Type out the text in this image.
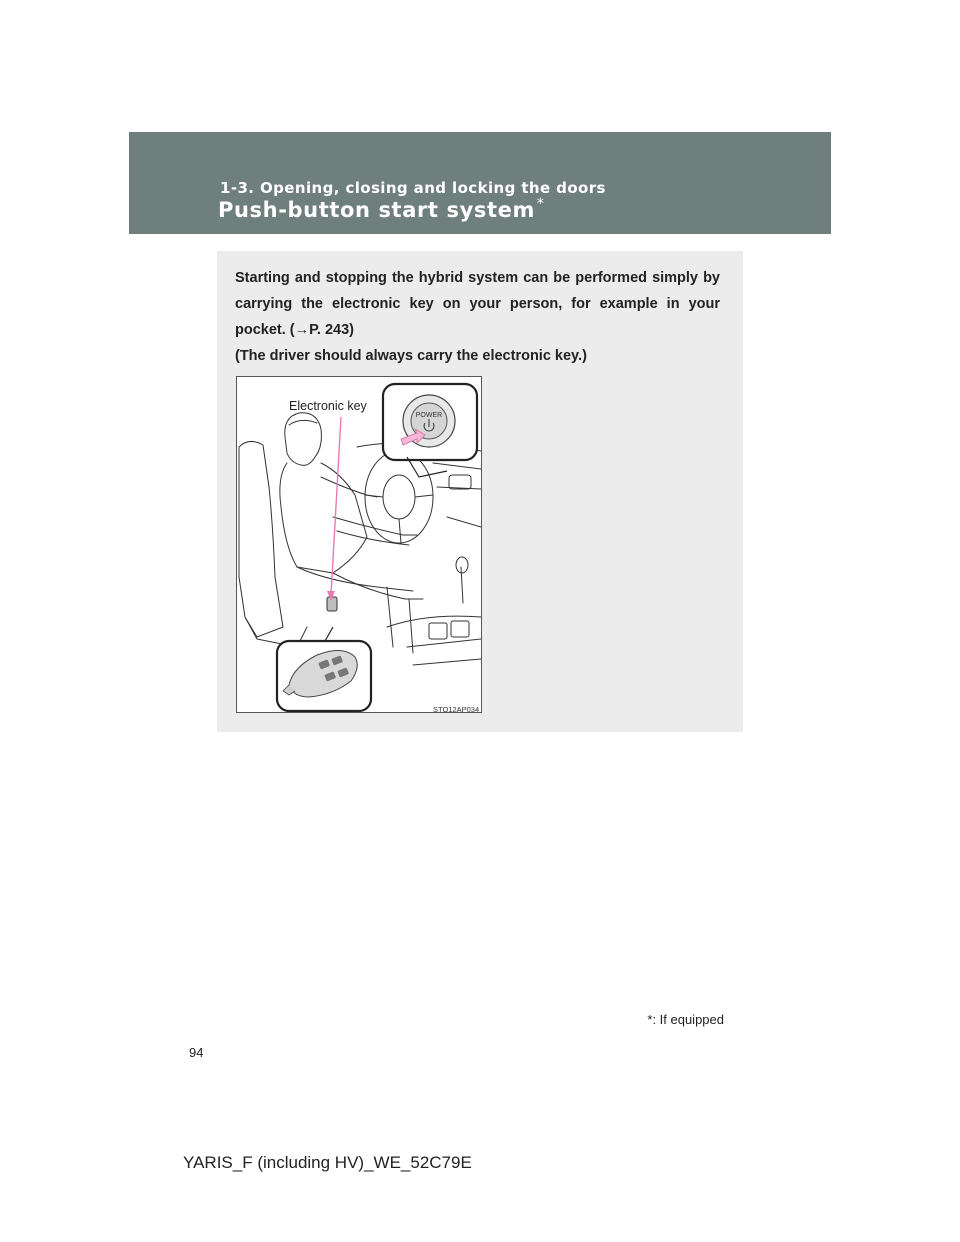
1-3. Opening, closing and locking the doors
Push-button start system *

Starting and stopping the hybrid system can be performed simply by

carrying the electronic key on your person, for example in your

pocket. (→P. 243)

(The driver should always carry the electronic key.)

POWER
Electronic key
STO12AP034
*: If equipped
94
YARIS_F (including HV)_WE_52C79E
